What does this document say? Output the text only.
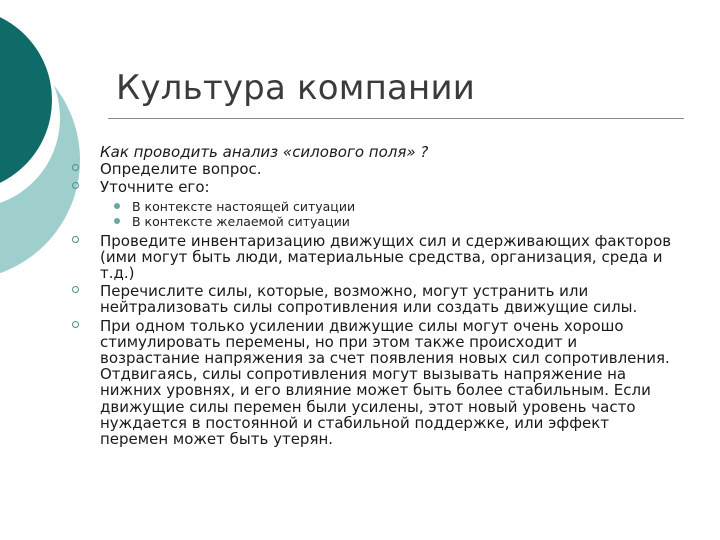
Культура компании
Как проводить анализ «силового поля» ?
Определите вопрос.
Уточните его:
В контексте настоящей ситуации
В контексте желаемой ситуации
Проведите инвентаризацию движущих сил и сдерживающих факторов (ими могут быть люди, материальные средства, организация, среда и т.д.)
Перечислите силы, которые, возможно, могут устранить или нейтрализовать силы сопротивления или создать движущие силы.
При одном только усилении движущие силы могут очень хорошо стимулировать перемены, но при этом также происходит и возрастание напряжения за счет появления новых сил сопротивления. Отдвигаясь, силы сопротивления могут вызывать напряжение на нижних уровнях, и его влияние может быть более стабильным. Если движущие силы перемен были усилены, этот новый уровень часто нуждается в постоянной и стабильной поддержке, или эффект перемен может быть утерян.
